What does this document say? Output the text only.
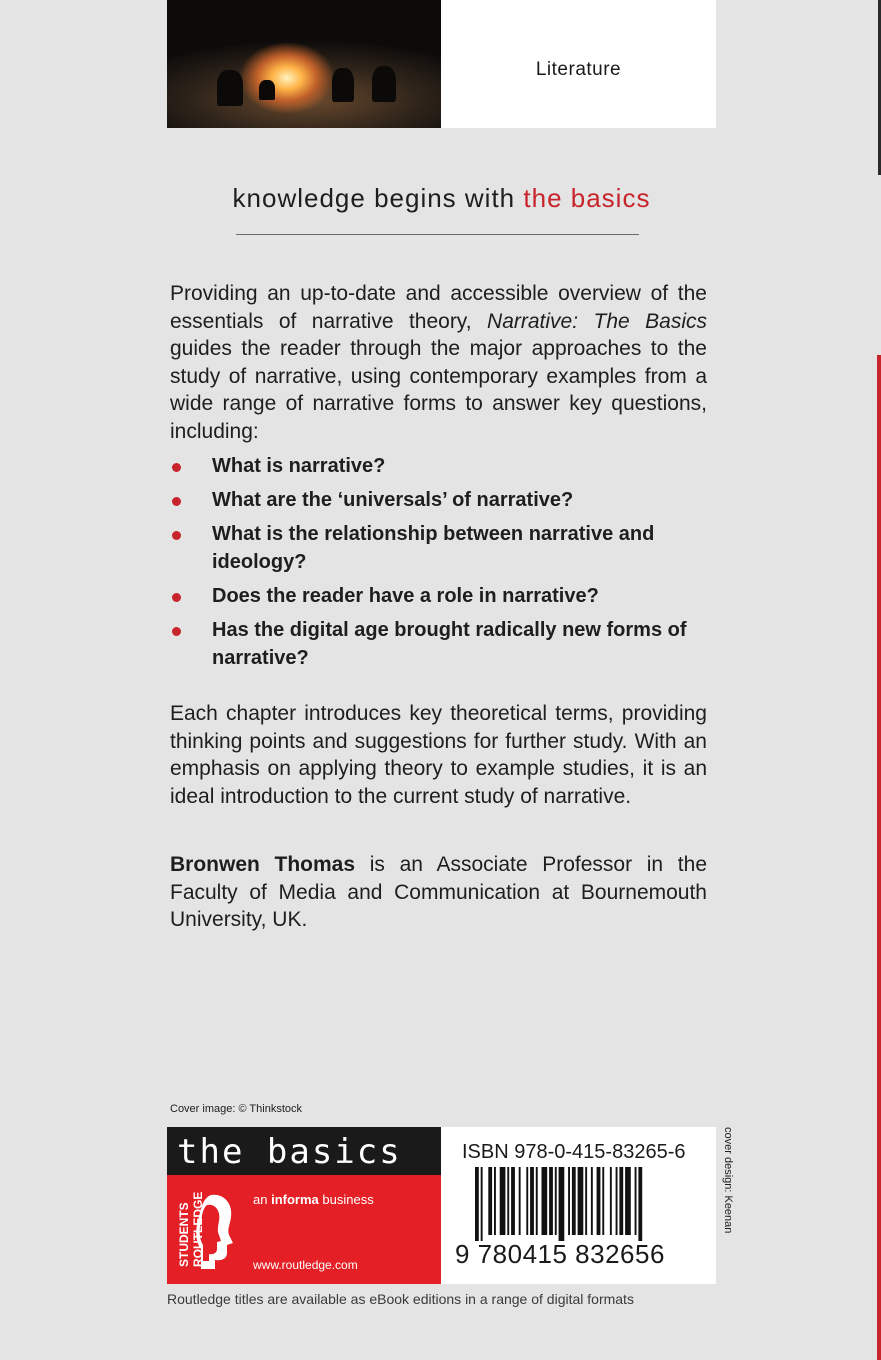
Literature
knowledge begins with the basics
Providing an up-to-date and accessible overview of the essentials of narrative theory, Narrative: The Basics guides the reader through the major approaches to the study of narrative, using contemporary examples from a wide range of narrative forms to answer key questions, including:
What is narrative?
What are the ‘universals’ of narrative?
What is the relationship between narrative and ideology?
Does the reader have a role in narrative?
Has the digital age brought radically new forms of narrative?
Each chapter introduces key theoretical terms, providing thinking points and suggestions for further study. With an emphasis on applying theory to example studies, it is an ideal introduction to the current study of narrative.
Bronwen Thomas is an Associate Professor in the Faculty of Media and Communication at Bournemouth University, UK.
Cover image: © Thinkstock
the basics
STUDENTS ROUTLEDGE	an informa business
www.routledge.com
ISBN 978-0-415-83265-6
9 780415 832656
cover design: Keenan
Routledge titles are available as eBook editions in a range of digital formats
